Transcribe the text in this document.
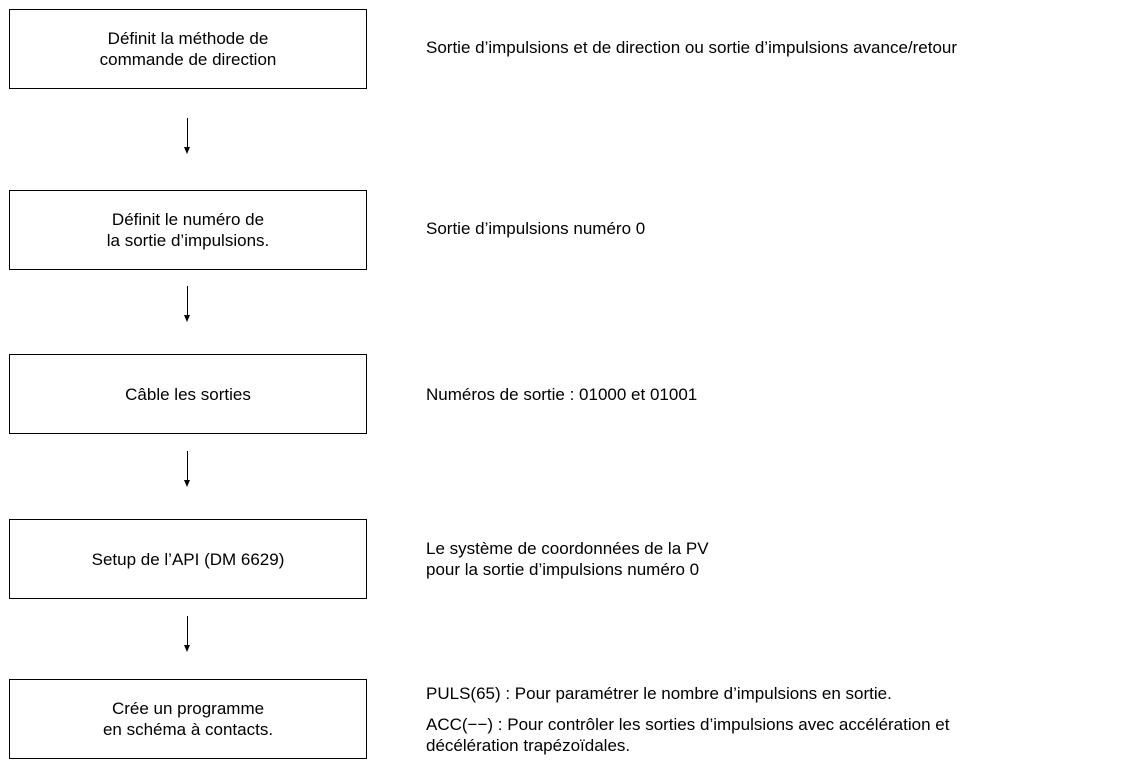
Définit la méthode de
commande de direction
Sortie d’impulsions et de direction ou sortie d’impulsions avance/retour
Définit le numéro de
la sortie d’impulsions.
Sortie d’impulsions numéro 0
Câble les sorties	Numéros de sortie : 01000 et 01001
Setup de l’API (DM 6629)
Le système de coordonnées de la PV
pour la sortie d’impulsions numéro 0
Crée un programme
en schéma à contacts.
PULS(65) : Pour paramétrer le nombre d’impulsions en sortie.
ACC(−−) : Pour contrôler les sorties d’impulsions avec accélération et
décélération trapézoïdales.
